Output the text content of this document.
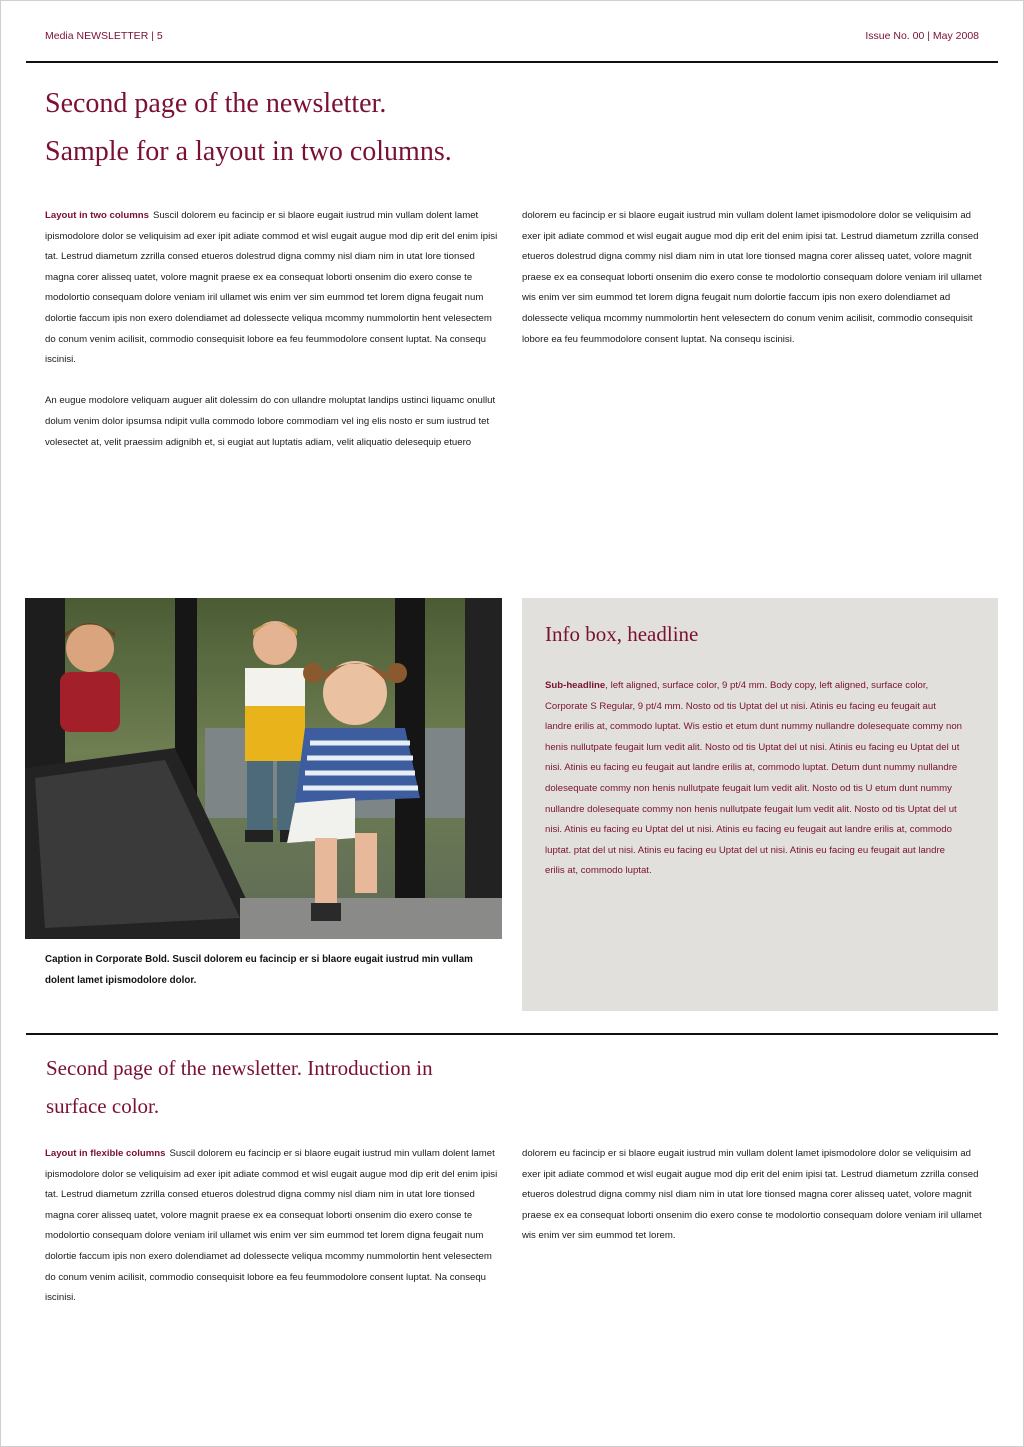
Media NEWSLETTER | 5	Issue No. 00 | May 2008
Second page of the newsletter.
Sample for a layout in two columns.

Layout in two columns Suscil dolorem eu facincip er si blaore eugait iustrud min vullam dolent lamet ipismodolore dolor se veliquisim ad exer ipit adiate commod et wisl eugait augue mod dip erit del enim ipisi tat. Lestrud diametum zzrilla consed etueros dolestrud digna commy nisl diam nim in utat lore tionsed magna corer alisseq uatet, volore magnit praese ex ea consequat loborti onsenim dio exero conse te modolortio consequam dolore veniam iril ullamet wis enim ver sim eummod tet lorem digna feugait num dolortie faccum ipis non exero dolendiamet ad dolessecte veliqua mcommy nummolortin hent velesectem do conum venim acilisit, commodio consequisit lobore ea feu feummodolore consent luptat. Na consequ iscinisi.

An eugue modolore veliquam auguer alit dolessim do con ullandre moluptat landips ustinci liquamc onullut dolum venim dolor ipsumsa ndipit vulla commodo lobore commodiam vel ing elis nosto er sum iustrud tet volesectet at, velit praessim adignibh et, si eugiat aut luptatis adiam, velit aliquatio delesequip etuero

dolorem eu facincip er si blaore eugait iustrud min vullam dolent lamet ipismodolore dolor se veliquisim ad exer ipit adiate commod et wisl eugait augue mod dip erit del enim ipisi tat. Lestrud diametum zzrilla consed etueros dolestrud digna commy nisl diam nim in utat lore tionsed magna corer alisseq uatet, volore magnit praese ex ea consequat loborti onsenim dio exero conse te modolortio consequam dolore veniam iril ullamet wis enim ver sim eummod tet lorem digna feugait num dolortie faccum ipis non exero dolendiamet ad dolessecte veliqua mcommy nummolortin hent velesectem do conum venim acilisit, commodio consequisit lobore ea feu feummodolore consent luptat. Na consequ iscinisi.

Caption in Corporate Bold. Suscil dolorem eu facincip er si blaore eugait iustrud min vullam dolent lamet ipismodolore dolor.
Info box, headline
Sub-headline, left aligned, surface color, 9 pt/4 mm. Body copy, left aligned, surface color, Corporate S Regular, 9 pt/4 mm. Nosto od tis Uptat del ut nisi. Atinis eu facing eu feugait aut landre erilis at, commodo luptat. Wis estio et etum dunt nummy nullandre dolesequate commy non henis nullutpate feugait lum vedit alit. Nosto od tis Uptat del ut nisi. Atinis eu facing eu Uptat del ut nisi. Atinis eu facing eu feugait aut landre erilis at, commodo luptat. Detum dunt nummy nullandre dolesequate commy non henis nullutpate feugait lum vedit alit. Nosto od tis U etum dunt nummy nullandre dolesequate commy non henis nullutpate feugait lum vedit alit. Nosto od tis Uptat del ut nisi. Atinis eu facing eu Uptat del ut nisi. Atinis eu facing eu feugait aut landre erilis at, commodo luptat. ptat del ut nisi. Atinis eu facing eu Uptat del ut nisi. Atinis eu facing eu feugait aut landre erilis at, commodo luptat.
Second page of the newsletter. Introduction in
surface color.

Layout in flexible columns Suscil dolorem eu facincip er si blaore eugait iustrud min vullam dolent lamet ipismodolore dolor se veliquisim ad exer ipit adiate commod et wisl eugait augue mod dip erit del enim ipisi tat. Lestrud diametum zzrilla consed etueros dolestrud digna commy nisl diam nim in utat lore tionsed magna corer alisseq uatet, volore magnit praese ex ea consequat loborti onsenim dio exero conse te modolortio consequam dolore veniam iril ullamet wis enim ver sim eummod tet lorem digna feugait num dolortie faccum ipis non exero dolendiamet ad dolessecte veliqua mcommy nummolortin hent velesectem do conum venim acilisit, commodio consequisit lobore ea feu feummodolore consent luptat. Na consequ iscinisi.

dolorem eu facincip er si blaore eugait iustrud min vullam dolent lamet ipismodolore dolor se veliquisim ad exer ipit adiate commod et wisl eugait augue mod dip erit del enim ipisi tat. Lestrud diametum zzrilla consed etueros dolestrud digna commy nisl diam nim in utat lore tionsed magna corer alisseq uatet, volore magnit praese ex ea consequat loborti onsenim dio exero conse te modolortio consequam dolore veniam iril ullamet wis enim ver sim eummod tet lorem.
